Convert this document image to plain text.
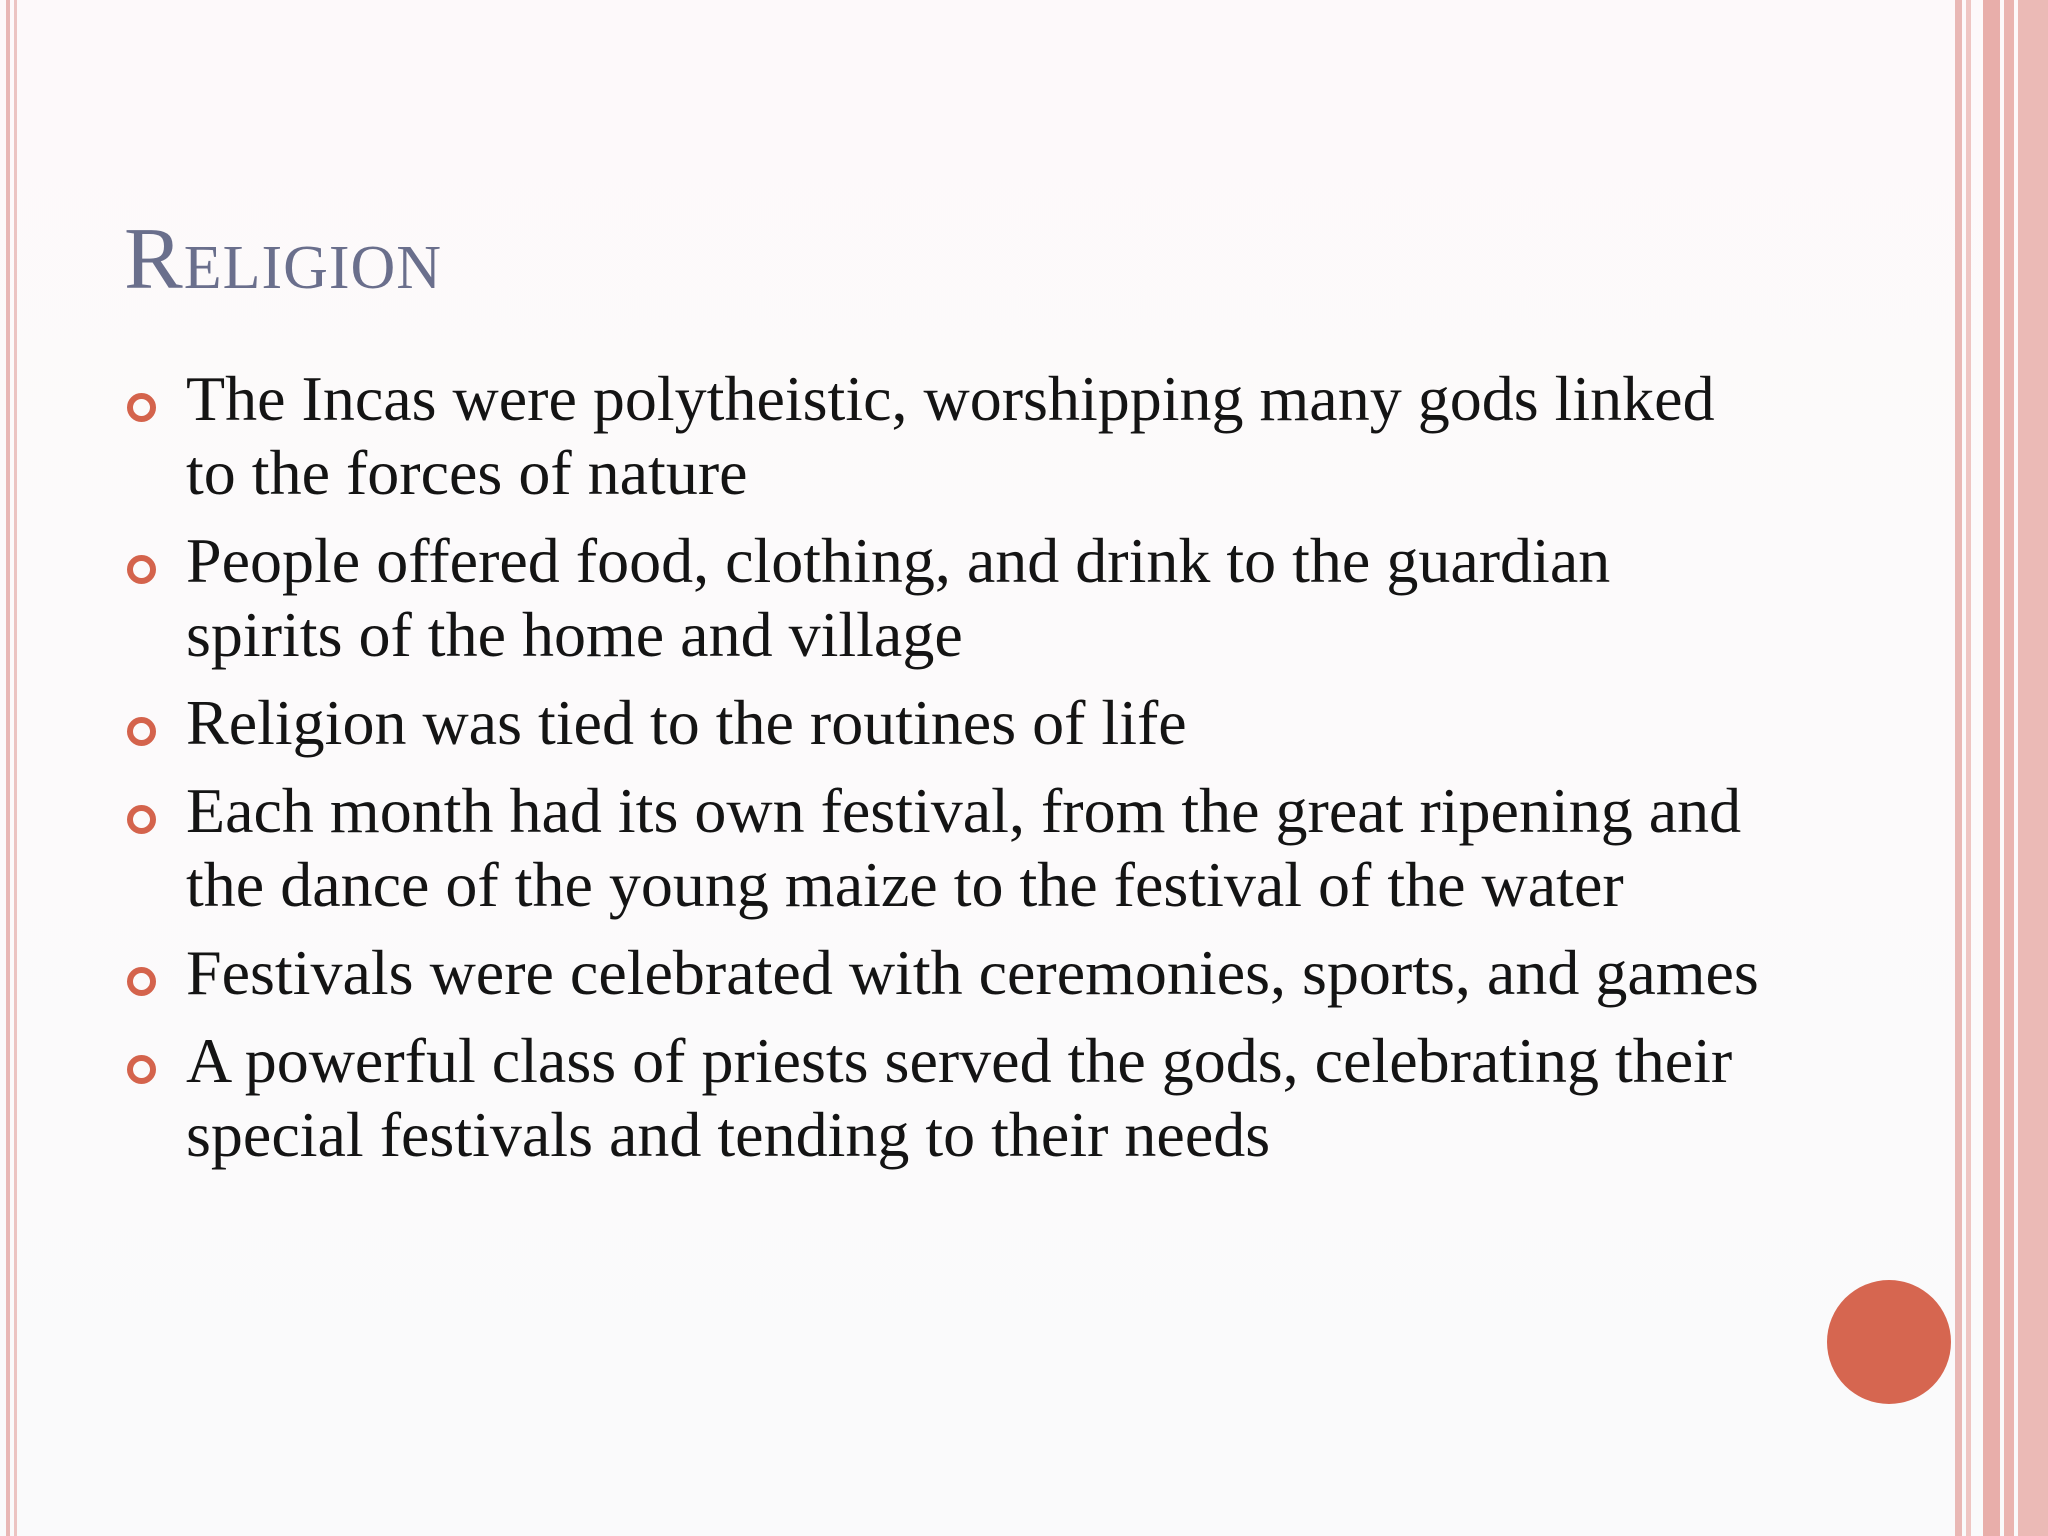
Religion
The Incas were polytheistic, worshipping many gods linked to the forces of nature
People offered food, clothing, and drink to the guardian spirits of the home and village
Religion was tied to the routines of life
Each month had its own festival, from the great ripening and the dance of the young maize to the festival of the water
Festivals were celebrated with ceremonies, sports, and games
A powerful class of priests served the gods, celebrating their special festivals and tending to their needs
